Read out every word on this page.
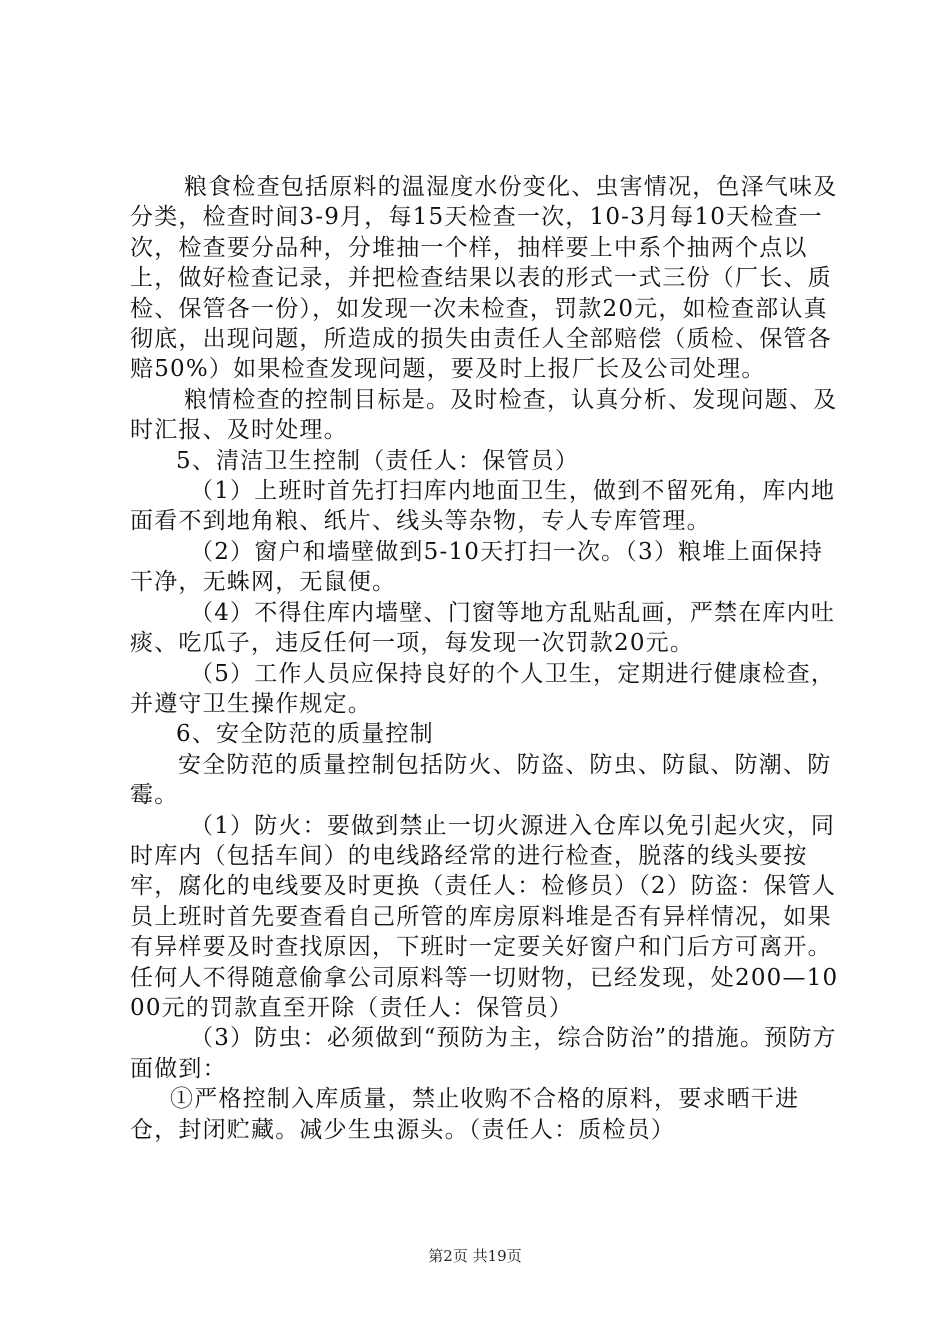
粮食检查包括原料的温湿度水份变化、虫害情况，色泽气味及分类，检查时间3-9月，每15天检查一次，10-3月每10天检查一次，检查要分品种，分堆抽一个样，抽样要上中系个抽两个点以上，做好检查记录，并把检查结果以表的形式一式三份（厂长、质检、保管各一份），如发现一次未检查，罚款20元，如检查部认真彻底，出现问题，所造成的损失由责任人全部赔偿（质检、保管各赔50%）如果检查发现问题，要及时上报厂长及公司处理。

粮情检查的控制目标是。及时检查，认真分析、发现问题、及时汇报、及时处理。

5、清洁卫生控制（责任人：保管员）

（1）上班时首先打扫库内地面卫生，做到不留死角，库内地面看不到地角粮、纸片、线头等杂物，专人专库管理。

（2）窗户和墙壁做到5-10天打扫一次。（3）粮堆上面保持干净，无蛛网，无鼠便。

（4）不得住库内墙壁、门窗等地方乱贴乱画，严禁在库内吐痰、吃瓜子，违反任何一项，每发现一次罚款20元。

（5）工作人员应保持良好的个人卫生，定期进行健康检查，并遵守卫生操作规定。

6、安全防范的质量控制

安全防范的质量控制包括防火、防盗、防虫、防鼠、防潮、防霉。

（1）防火：要做到禁止一切火源进入仓库以免引起火灾，同时库内（包括车间）的电线路经常的进行检查，脱落的线头要按牢，腐化的电线要及时更换（责任人：检修员）（2）防盗：保管人员上班时首先要查看自己所管的库房原料堆是否有异样情况，如果有异样要及时查找原因，下班时一定要关好窗户和门后方可离开。任何人不得随意偷拿公司原料等一切财物，已经发现，处200—1000元的罚款直至开除（责任人：保管员）

（3）防虫：必须做到“预防为主，综合防治”的措施。预防方面做到：

①严格控制入库质量，禁止收购不合格的原料，要求晒干进仓，封闭贮藏。减少生虫源头。（责任人：质检员）

第2页 共19页
